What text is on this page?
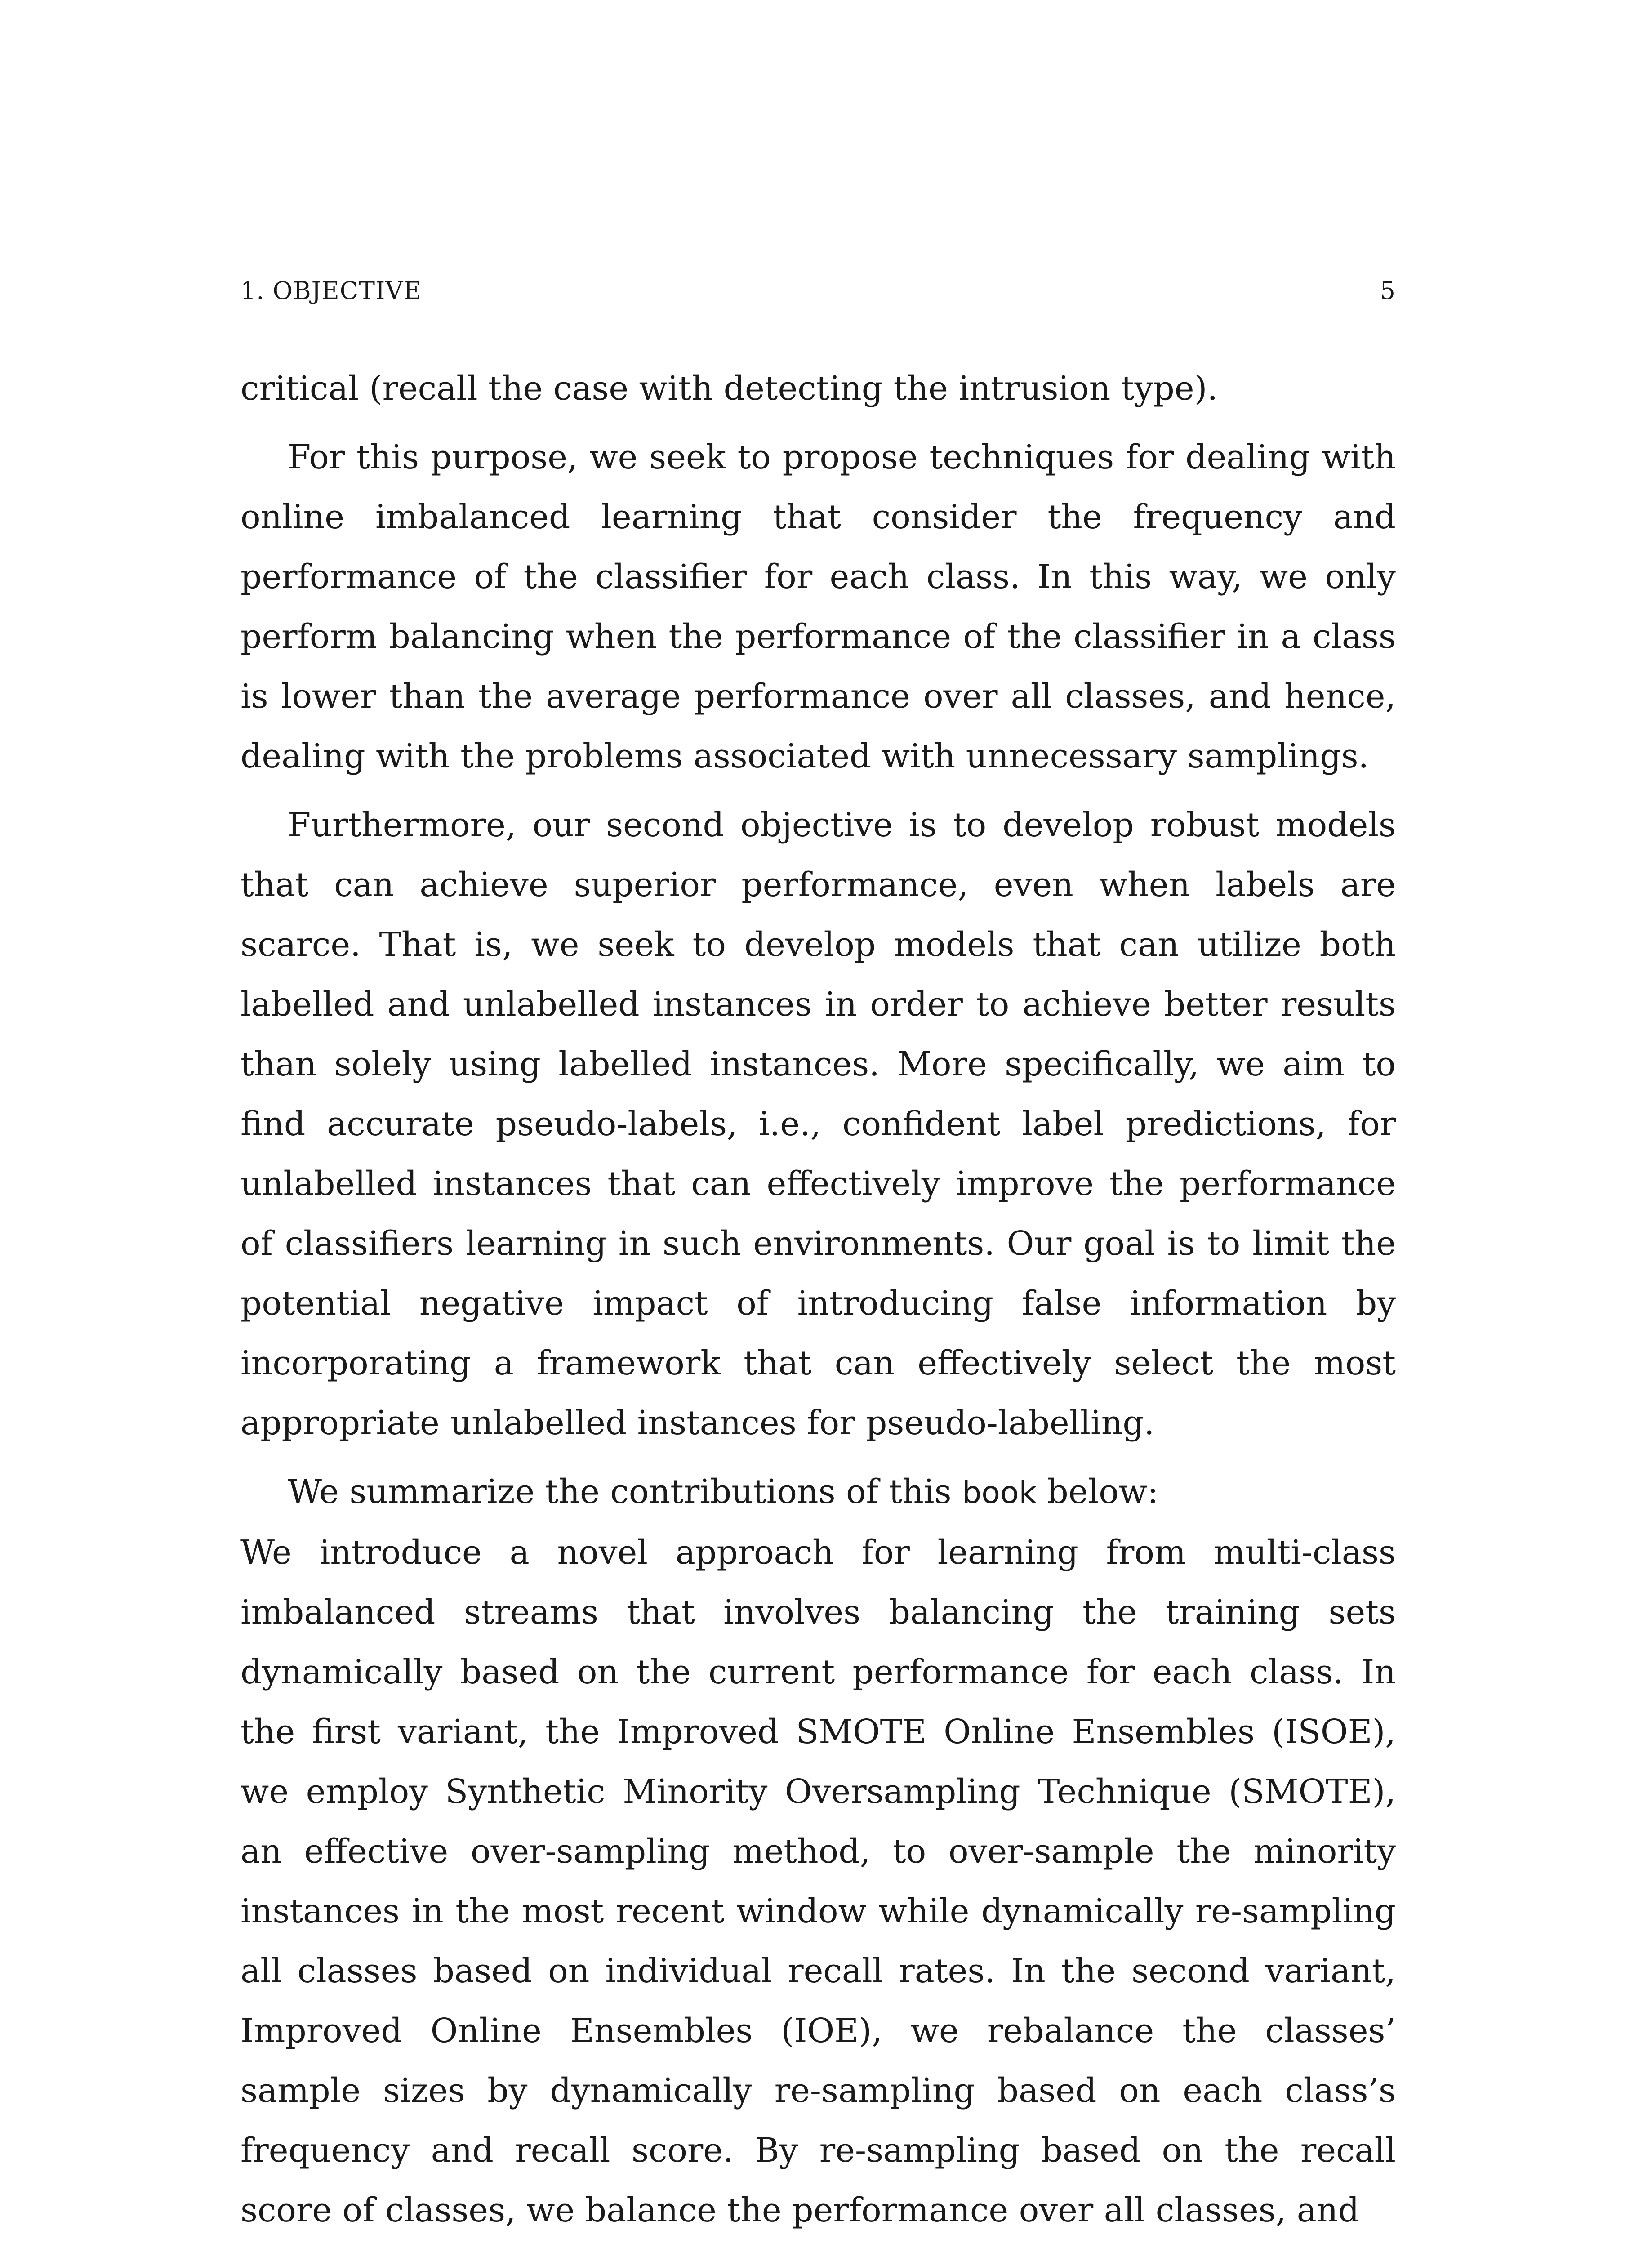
1. OBJECTIVE	5

critical (recall the case with detecting the intrusion type).

For this purpose, we seek to propose techniques for dealing with online imbalanced learning that consider the frequency and performance of the classifier for each class. In this way, we only perform balancing when the performance of the classifier in a class is lower than the average performance over all classes, and hence, dealing with the problems associated with unnecessary samplings.

Furthermore, our second objective is to develop robust models that can achieve superior performance, even when labels are scarce. That is, we seek to develop models that can utilize both labelled and unlabelled instances in order to achieve better results than solely using labelled instances. More specifically, we aim to find accurate pseudo-labels, i.e., confident label predictions, for unlabelled instances that can effectively improve the performance of classifiers learning in such environments. Our goal is to limit the potential negative impact of introducing false information by incorporating a framework that can effectively select the most appropriate unlabelled instances for pseudo-labelling.

We summarize the contributions of this book below:

We introduce a novel approach for learning from multi-class imbalanced streams that involves balancing the training sets dynamically based on the current performance for each class. In the first variant, the Improved SMOTE Online Ensembles (ISOE), we employ Synthetic Minority Oversampling Technique (SMOTE), an effective over-sampling method, to over-sample the minority instances in the most recent window while dynamically re-sampling all classes based on individual recall rates. In the second variant, Improved Online Ensembles (IOE), we rebalance the classes’ sample sizes by dynamically re-sampling based on each class’s frequency and recall score. By re-sampling based on the recall score of classes, we balance the performance over all classes, and
